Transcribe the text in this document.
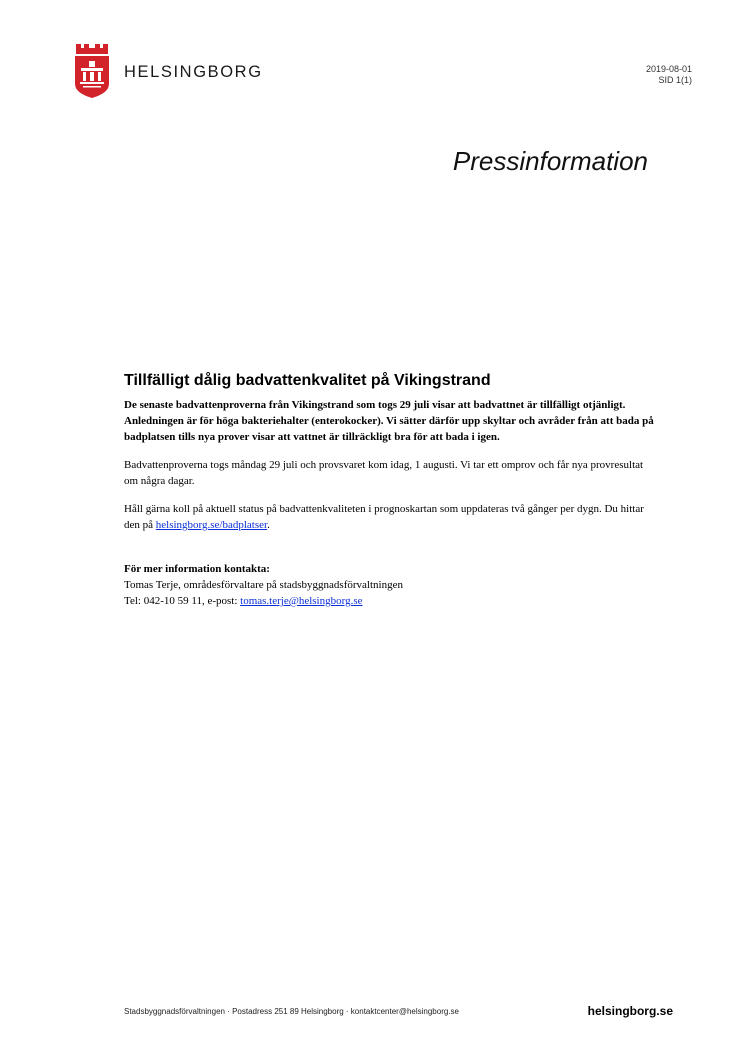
HELSINGBORG	2019-08-01
SID 1(1)
Pressinformation
Tillfälligt dålig badvattenkvalitet på Vikingstrand

De senaste badvattenproverna från Vikingstrand som togs 29 juli visar att badvattnet är tillfälligt otjänligt. Anledningen är för höga bakteriehalter (enterokocker). Vi sätter därför upp skyltar och avråder från att bada på badplatsen tills nya prover visar att vattnet är tillräckligt bra för att bada i igen.

Badvattenproverna togs måndag 29 juli och provsvaret kom idag, 1 augusti. Vi tar ett omprov och får nya provresultat om några dagar.

Håll gärna koll på aktuell status på badvattenkvaliteten i prognoskartan som uppdateras två gånger per dygn. Du hittar den på helsingborg.se/badplatser.

För mer information kontakta:
Tomas Terje, områdesförvaltare på stadsbyggnadsförvaltningen
Tel: 042-10 59 11, e-post: tomas.terje@helsingborg.se
Stadsbyggnadsförvaltningen · Postadress 251 89 Helsingborg · kontaktcenter@helsingborg.se	helsingborg.se
